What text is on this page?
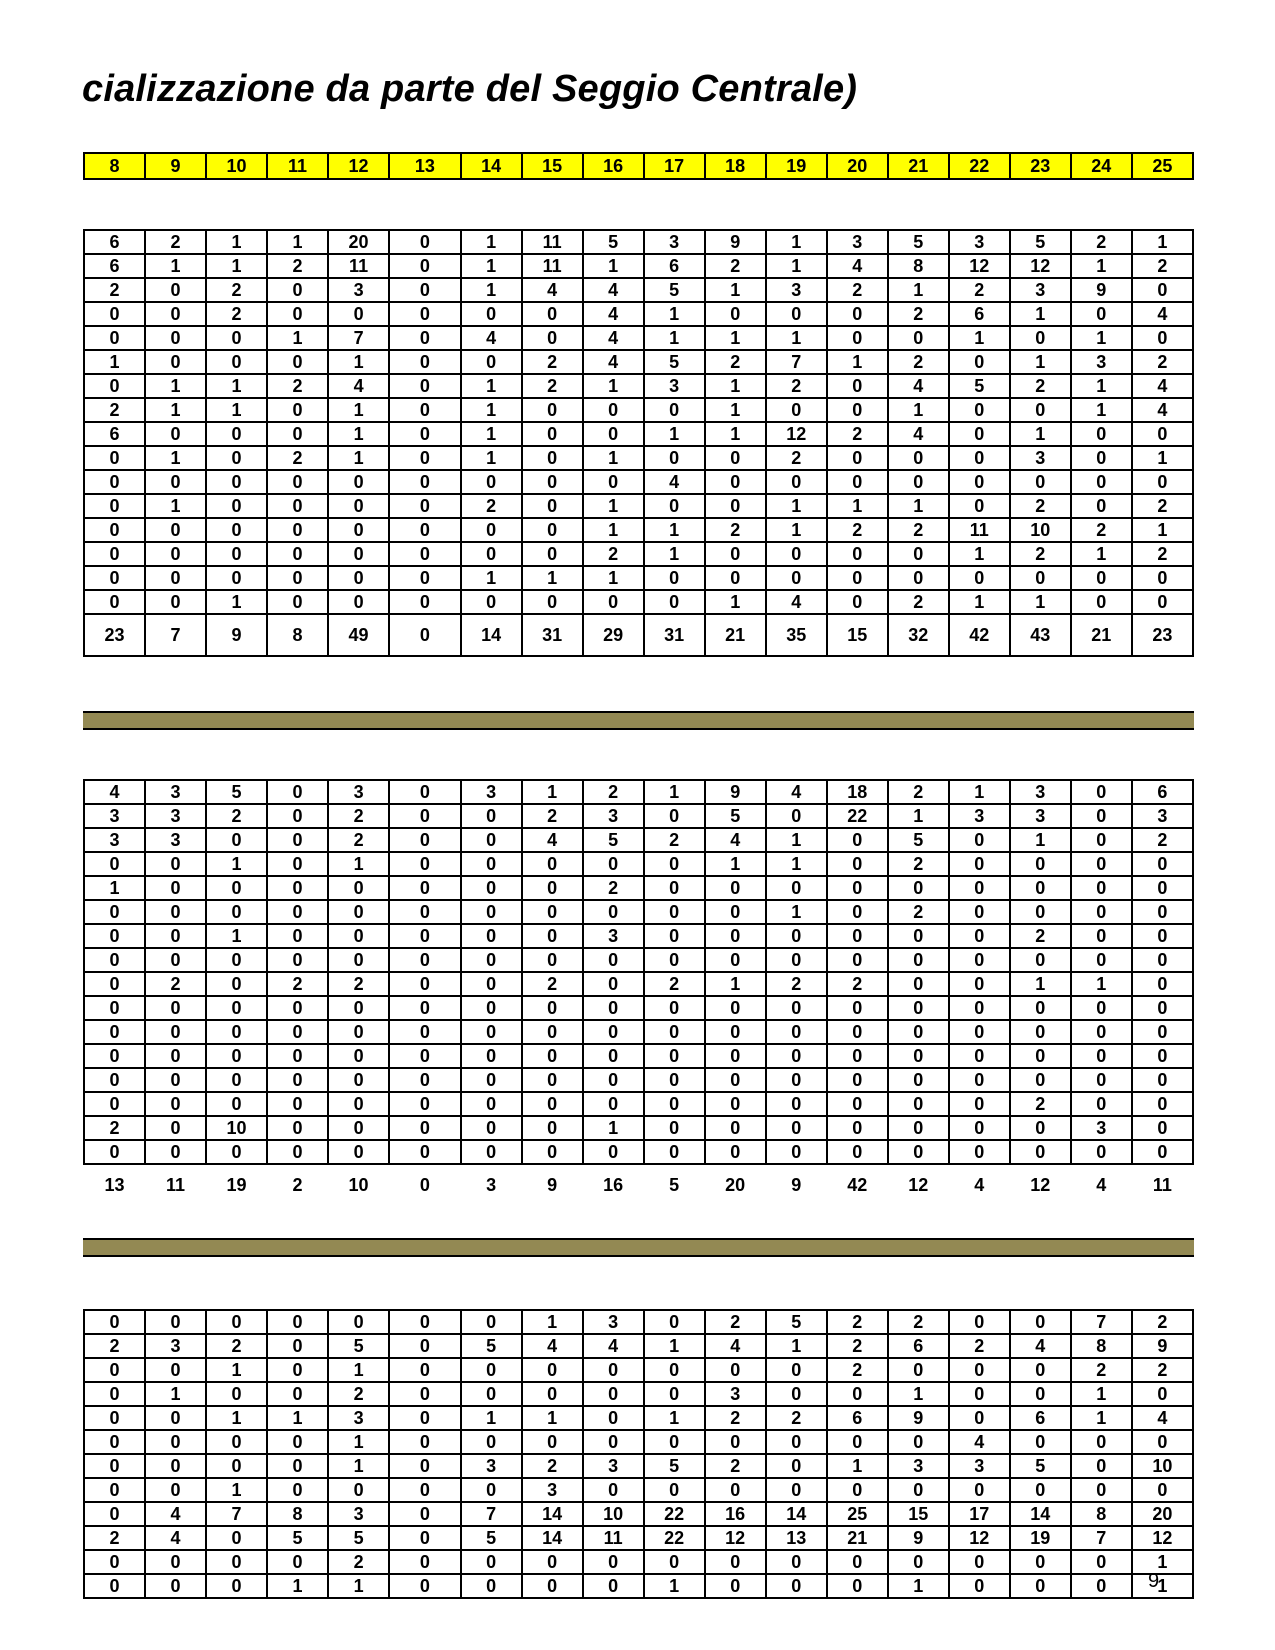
cializzazione da parte del Seggio Centrale)
8	9	10	11	12	13	14	15	16	17	18	19	20	21	22	23	24	25
6	2	1	1	20	0	1	11	5	3	9	1	3	5	3	5	2	1
6	1	1	2	11	0	1	11	1	6	2	1	4	8	12	12	1	2
2	0	2	0	3	0	1	4	4	5	1	3	2	1	2	3	9	0
0	0	2	0	0	0	0	0	4	1	0	0	0	2	6	1	0	4
0	0	0	1	7	0	4	0	4	1	1	1	0	0	1	0	1	0
1	0	0	0	1	0	0	2	4	5	2	7	1	2	0	1	3	2
0	1	1	2	4	0	1	2	1	3	1	2	0	4	5	2	1	4
2	1	1	0	1	0	1	0	0	0	1	0	0	1	0	0	1	4
6	0	0	0	1	0	1	0	0	1	1	12	2	4	0	1	0	0
0	1	0	2	1	0	1	0	1	0	0	2	0	0	0	3	0	1
0	0	0	0	0	0	0	0	0	4	0	0	0	0	0	0	0	0
0	1	0	0	0	0	2	0	1	0	0	1	1	1	0	2	0	2
0	0	0	0	0	0	0	0	1	1	2	1	2	2	11	10	2	1
0	0	0	0	0	0	0	0	2	1	0	0	0	0	1	2	1	2
0	0	0	0	0	0	1	1	1	0	0	0	0	0	0	0	0	0
0	0	1	0	0	0	0	0	0	0	1	4	0	2	1	1	0	0
23	7	9	8	49	0	14	31	29	31	21	35	15	32	42	43	21	23
4	3	5	0	3	0	3	1	2	1	9	4	18	2	1	3	0	6
3	3	2	0	2	0	0	2	3	0	5	0	22	1	3	3	0	3
3	3	0	0	2	0	0	4	5	2	4	1	0	5	0	1	0	2
0	0	1	0	1	0	0	0	0	0	1	1	0	2	0	0	0	0
1	0	0	0	0	0	0	0	2	0	0	0	0	0	0	0	0	0
0	0	0	0	0	0	0	0	0	0	0	1	0	2	0	0	0	0
0	0	1	0	0	0	0	0	3	0	0	0	0	0	0	2	0	0
0	0	0	0	0	0	0	0	0	0	0	0	0	0	0	0	0	0
0	2	0	2	2	0	0	2	0	2	1	2	2	0	0	1	1	0
0	0	0	0	0	0	0	0	0	0	0	0	0	0	0	0	0	0
0	0	0	0	0	0	0	0	0	0	0	0	0	0	0	0	0	0
0	0	0	0	0	0	0	0	0	0	0	0	0	0	0	0	0	0
0	0	0	0	0	0	0	0	0	0	0	0	0	0	0	0	0	0
0	0	0	0	0	0	0	0	0	0	0	0	0	0	0	2	0	0
2	0	10	0	0	0	0	0	1	0	0	0	0	0	0	0	3	0
0	0	0	0	0	0	0	0	0	0	0	0	0	0	0	0	0	0
13	11	19	2	10	0	3	9	16	5	20	9	42	12	4	12	4	11
0	0	0	0	0	0	0	1	3	0	2	5	2	2	0	0	7	2
2	3	2	0	5	0	5	4	4	1	4	1	2	6	2	4	8	9
0	0	1	0	1	0	0	0	0	0	0	0	2	0	0	0	2	2
0	1	0	0	2	0	0	0	0	0	3	0	0	1	0	0	1	0
0	0	1	1	3	0	1	1	0	1	2	2	6	9	0	6	1	4
0	0	0	0	1	0	0	0	0	0	0	0	0	0	4	0	0	0
0	0	0	0	1	0	3	2	3	5	2	0	1	3	3	5	0	10
0	0	1	0	0	0	0	3	0	0	0	0	0	0	0	0	0	0
0	4	7	8	3	0	7	14	10	22	16	14	25	15	17	14	8	20
2	4	0	5	5	0	5	14	11	22	12	13	21	9	12	19	7	12
0	0	0	0	2	0	0	0	0	0	0	0	0	0	0	0	0	1
0	0	0	1	1	0	0	0	0	1	0	0	0	1	0	0	0	1
9
